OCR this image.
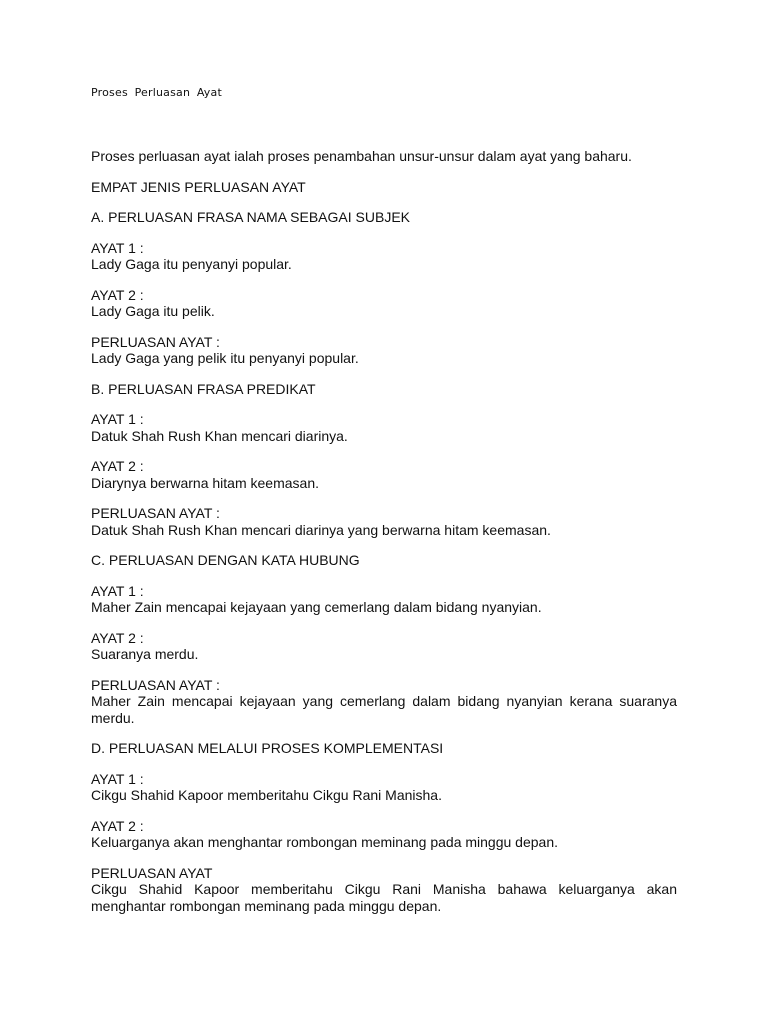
Proses Perluasan Ayat

Proses perluasan ayat ialah proses penambahan unsur-unsur dalam ayat yang baharu.

EMPAT JENIS PERLUASAN AYAT

A. PERLUASAN FRASA NAMA SEBAGAI SUBJEK

AYAT 1 :
Lady Gaga itu penyanyi popular.
AYAT 2 :
Lady Gaga itu pelik.
PERLUASAN AYAT :
Lady Gaga yang pelik itu penyanyi popular.

B. PERLUASAN FRASA PREDIKAT

AYAT 1 :
Datuk Shah Rush Khan mencari diarinya.
AYAT 2 :
Diarynya berwarna hitam keemasan.
PERLUASAN AYAT :
Datuk Shah Rush Khan mencari diarinya yang berwarna hitam keemasan.

C. PERLUASAN DENGAN KATA HUBUNG

AYAT 1 :
Maher Zain mencapai kejayaan yang cemerlang dalam bidang nyanyian.
AYAT 2 :
Suaranya merdu.
PERLUASAN AYAT :
Maher Zain mencapai kejayaan yang cemerlang dalam bidang nyanyian kerana suaranya merdu.

D. PERLUASAN MELALUI PROSES KOMPLEMENTASI

AYAT 1 :
Cikgu Shahid Kapoor memberitahu Cikgu Rani Manisha.
AYAT 2 :
Keluarganya akan menghantar rombongan meminang pada minggu depan.
PERLUASAN AYAT
Cikgu Shahid Kapoor memberitahu Cikgu Rani Manisha bahawa keluarganya akan menghantar rombongan meminang pada minggu depan.
